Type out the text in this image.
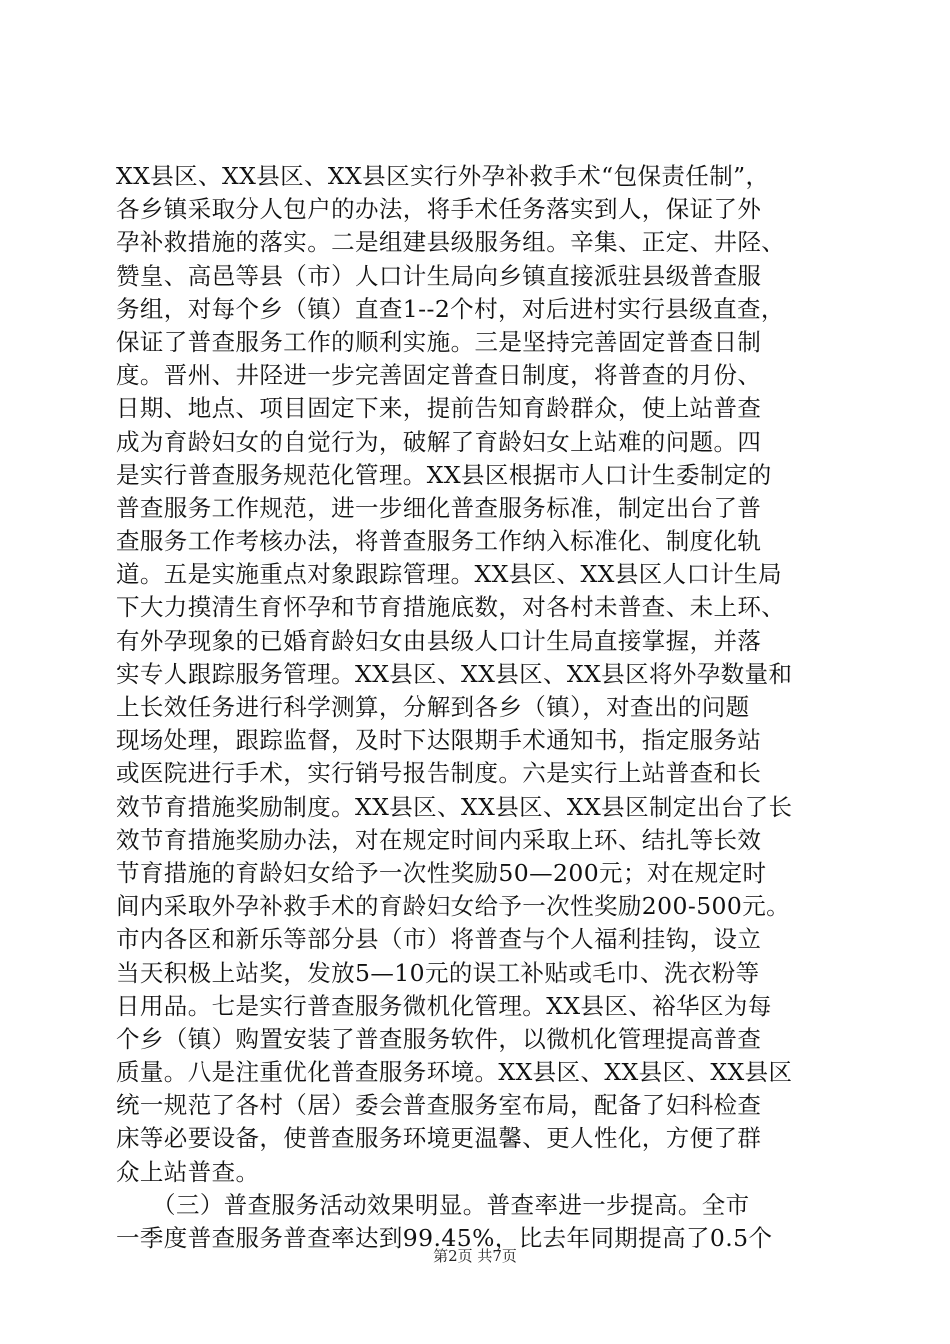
XX县区、XX县区、XX县区实行外孕补救手术“包保责任制”，
各乡镇采取分人包户的办法，将手术任务落实到人，保证了外
孕补救措施的落实。二是组建县级服务组。辛集、正定、井陉、
赞皇、高邑等县（市）人口计生局向乡镇直接派驻县级普查服
务组，对每个乡（镇）直查1--2个村，对后进村实行县级直查，
保证了普查服务工作的顺利实施。三是坚持完善固定普查日制
度。晋州、井陉进一步完善固定普查日制度，将普查的月份、
日期、地点、项目固定下来，提前告知育龄群众，使上站普查
成为育龄妇女的自觉行为，破解了育龄妇女上站难的问题。四
是实行普查服务规范化管理。XX县区根据市人口计生委制定的
普查服务工作规范，进一步细化普查服务标准，制定出台了普
查服务工作考核办法，将普查服务工作纳入标准化、制度化轨
道。五是实施重点对象跟踪管理。XX县区、XX县区人口计生局
下大力摸清生育怀孕和节育措施底数，对各村未普查、未上环、
有外孕现象的已婚育龄妇女由县级人口计生局直接掌握，并落
实专人跟踪服务管理。XX县区、XX县区、XX县区将外孕数量和
上长效任务进行科学测算，分解到各乡（镇），对查出的问题
现场处理，跟踪监督，及时下达限期手术通知书，指定服务站
或医院进行手术，实行销号报告制度。六是实行上站普查和长
效节育措施奖励制度。XX县区、XX县区、XX县区制定出台了长
效节育措施奖励办法，对在规定时间内采取上环、结扎等长效
节育措施的育龄妇女给予一次性奖励50—200元；对在规定时
间内采取外孕补救手术的育龄妇女给予一次性奖励200-500元。
市内各区和新乐等部分县（市）将普查与个人福利挂钩，设立
当天积极上站奖，发放5—10元的误工补贴或毛巾、洗衣粉等
日用品。七是实行普查服务微机化管理。XX县区、裕华区为每
个乡（镇）购置安装了普查服务软件，以微机化管理提高普查
质量。八是注重优化普查服务环境。XX县区、XX县区、XX县区
统一规范了各村（居）委会普查服务室布局，配备了妇科检查
床等必要设备，使普查服务环境更温馨、更人性化，方便了群
众上站普查。
　　（三）普查服务活动效果明显。普查率进一步提高。全市
一季度普查服务普查率达到99.45%，比去年同期提高了0.5个
第2页 共7页
